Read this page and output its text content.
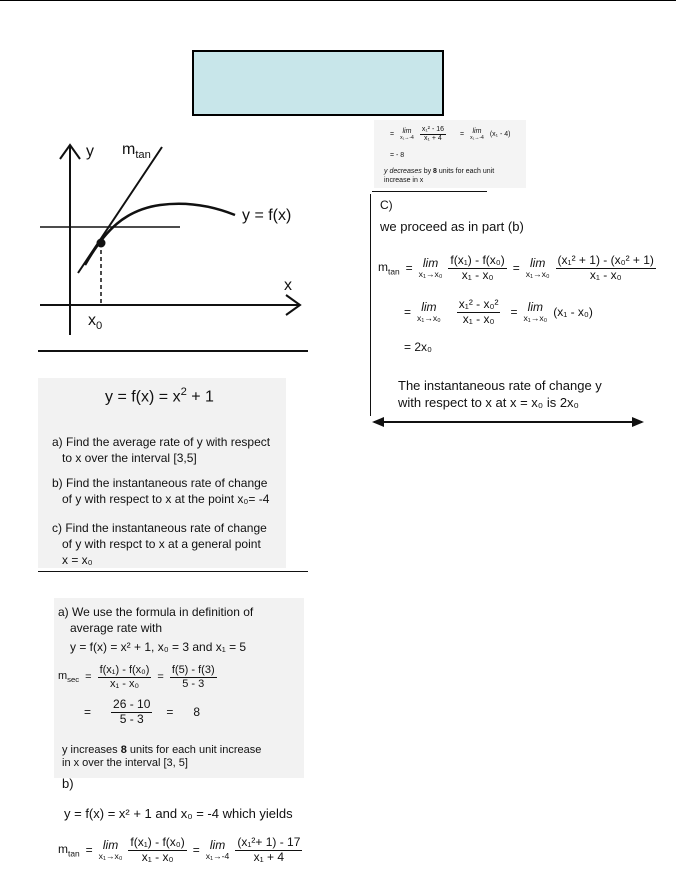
y $m_{tan}$
y = f(x)
x
$x_0$
$y = f(x) = x^2 + 1$
a) Find the average rate of y with respect
to x over the interval [3,5]
b) Find the instantaneous rate of change
of y with respect to x at the point x₀= -4
c) Find the instantaneous rate of change
of y with respct to x at a general point
x = x₀
a) We use the formula in definition of
average rate with
y = f(x) = x² + 1, x₀ = 3 and x₁ = 5
$m_{sec} = \frac{\text{f(x₁) - f(x₀)}}{\text{x₁ - x₀}} = \frac{f(5) - f(3)}{5 - 3}$
= $\frac{26 - 10}{5 - 3} = 8$
y increases 8 units for each unit increase
in x over the interval [3, 5]
b)
y = f(x) = x² + 1 and x₀ = -4 which yields
$m_{tan} = \lim$
$x_1\to x_0 \frac{\text{f(x₁) - f(x₀)}}{\text{x₁ - x₀}} = \lim$
$x_1\to-4 \frac{\text{(x₁²+ 1) - 17}}{\text{x₁ + 4}}$
= lim
$x_1\to-4 \frac{\text{x₁² - 16}}{\text{x₁ + 4}} = \lim$
x₁→-4 (x₁ - 4)
= - 8
y decreases by 8 units for each unit
increase in x
C)
we proceed as in part (b)
$m_{tan} = \lim$
$x_1\to x_0 \frac{\text{f(x₁) - f(x₀)}}{\text{x₁ - x₀}} = \lim$
$x_1\to x_0 \frac{\text{(x₁² + 1) - (x₀² + 1)}}{\text{x₁ - x₀}}$
= lim
$x_1\to x_0 \frac{\text{x₁² - x₀²}}{\text{x₁ - x₀}} = \lim$
x₁→x₀ (x₁ - x₀)
= 2x₀
The instantaneous rate of change y
with respect to x at x = x₀ is 2x₀
